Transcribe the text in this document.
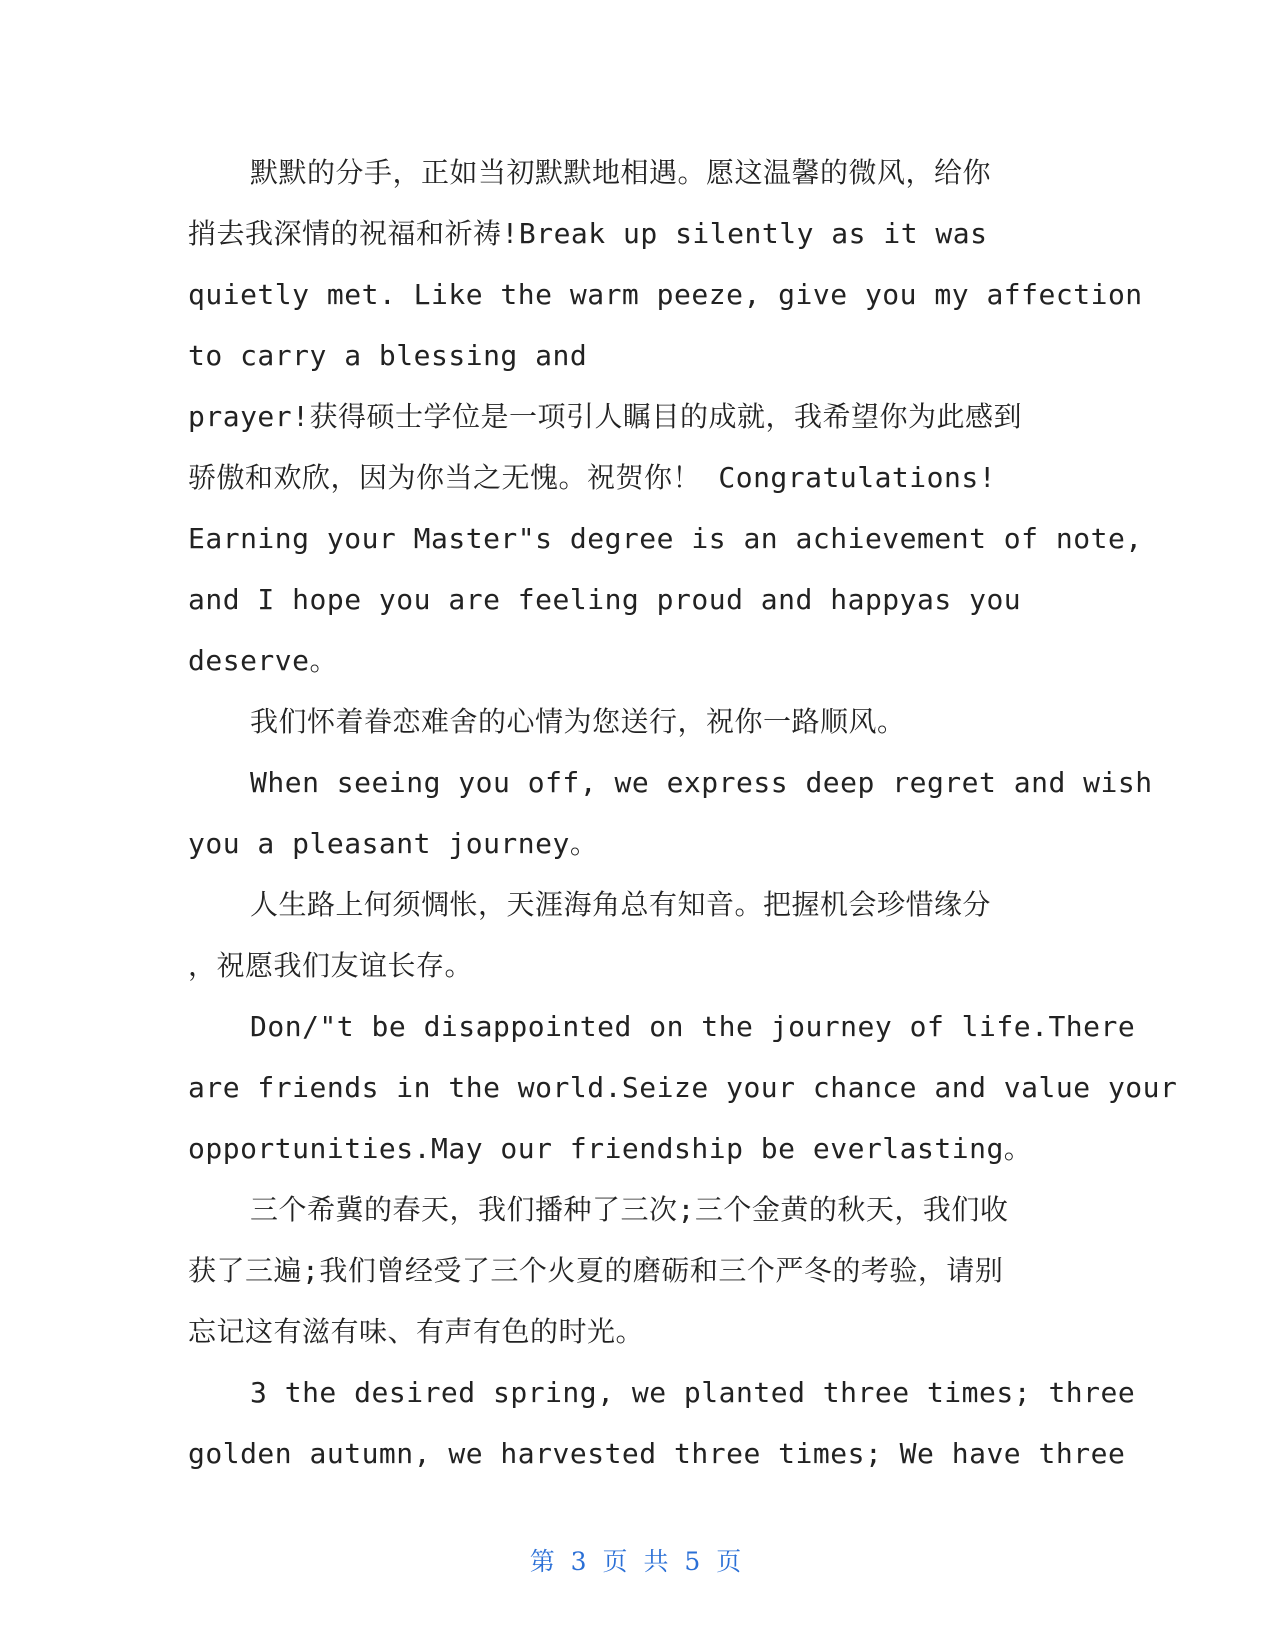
默默的分手，正如当初默默地相遇。愿这温馨的微风，给你
捎去我深情的祝福和祈祷!Break up silently as it was
quietly met. Like the warm peeze, give you my affection
to carry a blessing and
prayer!获得硕士学位是一项引人瞩目的成就，我希望你为此感到
骄傲和欢欣，因为你当之无愧。祝贺你！ Congratulations!
Earning your Master"s degree is an achievement of note,
and I hope you are feeling proud and happyas you
deserve。
我们怀着眷恋难舍的心情为您送行，祝你一路顺风。
When seeing you off, we express deep regret and wish
you a pleasant journey。
人生路上何须惆怅，天涯海角总有知音。把握机会珍惜缘分
，祝愿我们友谊长存。
Don/"t be disappointed on the journey of life.There
are friends in the world.Seize your chance and value your
opportunities.May our friendship be everlasting。
三个希冀的春天，我们播种了三次;三个金黄的秋天，我们收
获了三遍;我们曾经受了三个火夏的磨砺和三个严冬的考验，请别
忘记这有滋有味、有声有色的时光。
3 the desired spring, we planted three times; three
golden autumn, we harvested three times; We have three
第 3 页 共 5 页
